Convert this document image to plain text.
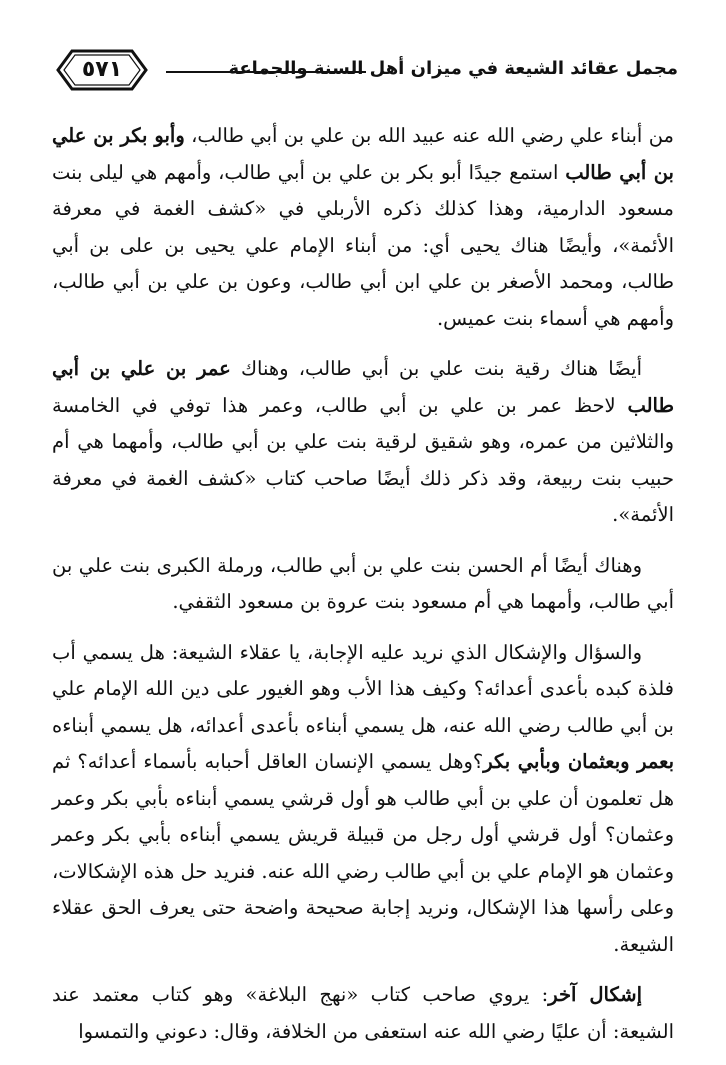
٥٧١	مجمل عقائد الشيعة في ميزان أهل السنة والجماعة

من أبناء علي رضي الله عنه عبيد الله بن علي بن أبي طالب، وأبو بكر بن علي بن أبي طالب استمع جيدًا أبو بكر بن علي بن أبي طالب، وأمهم هي ليلى بنت مسعود الدارمية، وهذا كذلك ذكره الأربلي في «كشف الغمة في معرفة الأئمة»، وأيضًا هناك يحيى أي: من أبناء الإمام علي يحيى بن على بن أبي طالب، ومحمد الأصغر بن علي ابن أبي طالب، وعون بن علي بن أبي طالب، وأمهم هي أسماء بنت عميس.

أيضًا هناك رقية بنت علي بن أبي طالب، وهناك عمر بن علي بن أبي طالب لاحظ عمر بن علي بن أبي طالب، وعمر هذا توفي في الخامسة والثلاثين من عمره، وهو شقيق لرقية بنت علي بن أبي طالب، وأمهما هي أم حبيب بنت ربيعة، وقد ذكر ذلك أيضًا صاحب كتاب «كشف الغمة في معرفة الأئمة».

وهناك أيضًا أم الحسن بنت علي بن أبي طالب، ورملة الكبرى بنت علي بن أبي طالب، وأمهما هي أم مسعود بنت عروة بن مسعود الثقفي.

والسؤال والإشكال الذي نريد عليه الإجابة، يا عقلاء الشيعة: هل يسمي أب فلذة كبده بأعدى أعدائه؟ وكيف هذا الأب وهو الغيور على دين الله الإمام علي بن أبي طالب رضي الله عنه، هل يسمي أبناءه بأعدى أعدائه، هل يسمي أبناءه بعمر وبعثمان وبأبي بكر؟وهل يسمي الإنسان العاقل أحبابه بأسماء أعدائه؟ ثم هل تعلمون أن علي بن أبي طالب هو أول قرشي يسمي أبناءه بأبي بكر وعمر وعثمان؟ أول قرشي أول رجل من قبيلة قريش يسمي أبناءه بأبي بكر وعمر وعثمان هو الإمام علي بن أبي طالب رضي الله عنه. فنريد حل هذه الإشكالات، وعلى رأسها هذا الإشكال، ونريد إجابة صحيحة واضحة حتى يعرف الحق عقلاء الشيعة.

إشكال آخر: يروي صاحب كتاب «نهج البلاغة» وهو كتاب معتمد عند الشيعة: أن عليًا رضي الله عنه استعفى من الخلافة، وقال: دعوني والتمسوا
